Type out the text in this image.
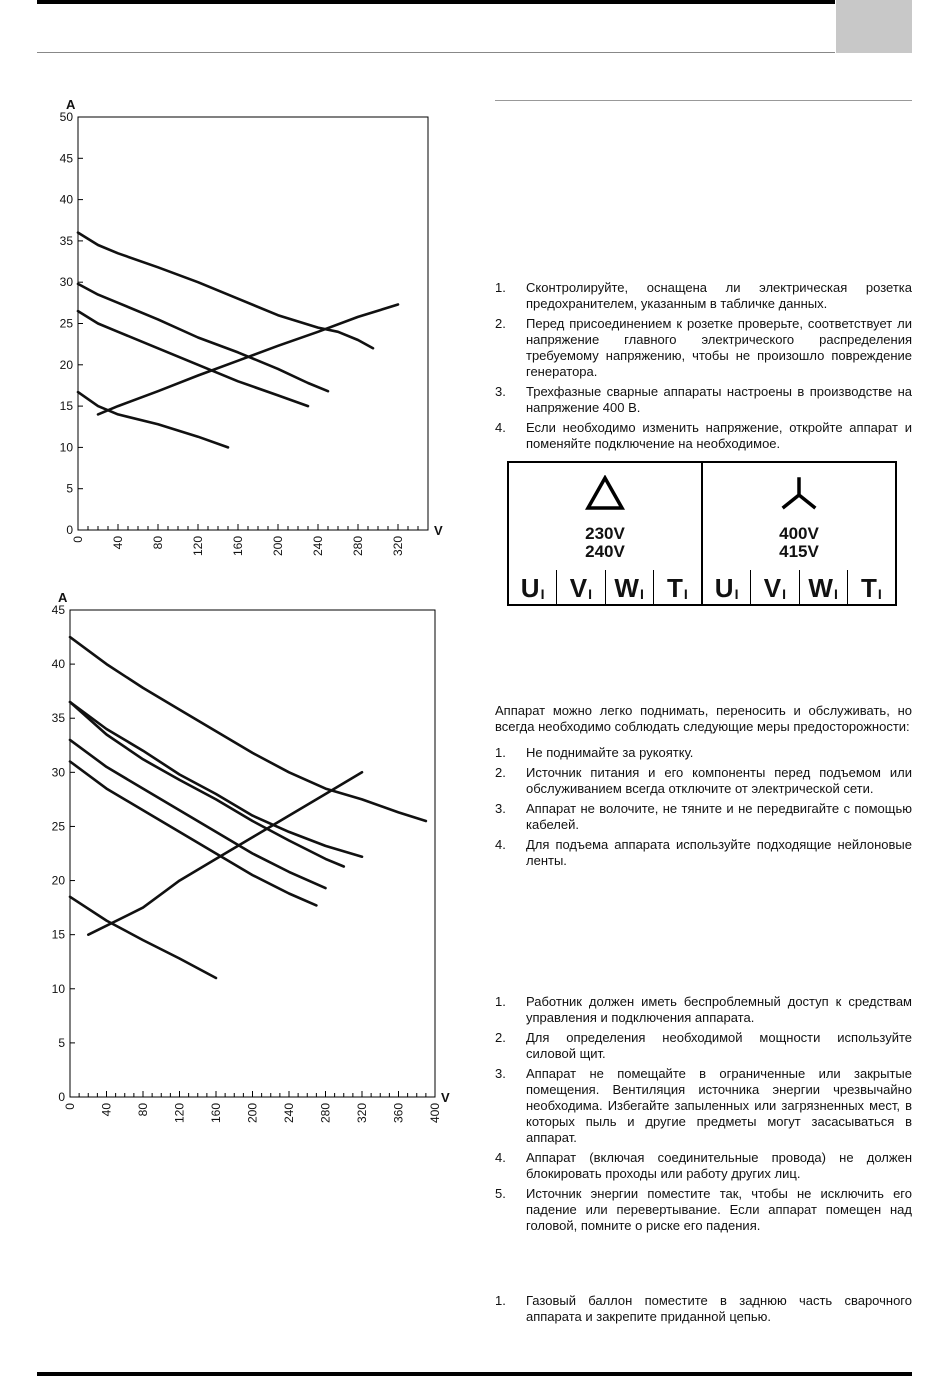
0
5
10
15
20
25
30
35
40
45
50
0 40 80 120 160 200 240 280 320
A
V
0
5
10
15
20
25
30
35
40
45
0 40 80 120 160 200 240 280 320 360 400
A
V
1. Сконтролируйте, оснащена ли электрическая розетка предохранителем, указанным в табличке данных.
2. Перед присоединением к розетке проверьте, соответствует ли напряжение главного электрического распределения требуемому напряжению, чтобы не произошло повреждение генератора.
3. Трехфазные сварные аппараты настроены в производстве на напряжение 400 В.
4. Если необходимо изменить напряжение, откройте аппарат и поменяйте подключение на необходимое.
230V
240V
U I V I W I T I
400V
415V
U I V I W I T I

Аппарат можно легко поднимать, переносить и обслуживать, но всегда необходимо соблюдать следующие меры предосторожности:

1. Не поднимайте за рукоятку.
2. Источник питания и его компоненты перед подъемом или обслуживанием всегда отключите от электрической сети.
3. Аппарат не волочите, не тяните и не передвигайте с помощью кабелей.
4. Для подъема аппарата используйте подходящие нейлоновые ленты.
1. Работник должен иметь беспроблемный доступ к средствам управления и подключения аппарата.
2. Для определения необходимой мощности используйте силовой щит.
3. Аппарат не помещайте в ограниченные или закрытые помещения. Вентиляция источника энергии чрезвычайно необходима. Избегайте запыленных или загрязненных мест, в которых пыль и другие предметы могут засасываться в аппарат.
4. Аппарат (включая соединительные провода) не должен блокировать проходы или работу других лиц.
5. Источник энергии поместите так, чтобы не исключить его падение или перевертывание. Если аппарат помещен над головой, помните о риске его падения.
1. Газовый баллон поместите в заднюю часть сварочного аппарата и закрепите приданной цепью.
